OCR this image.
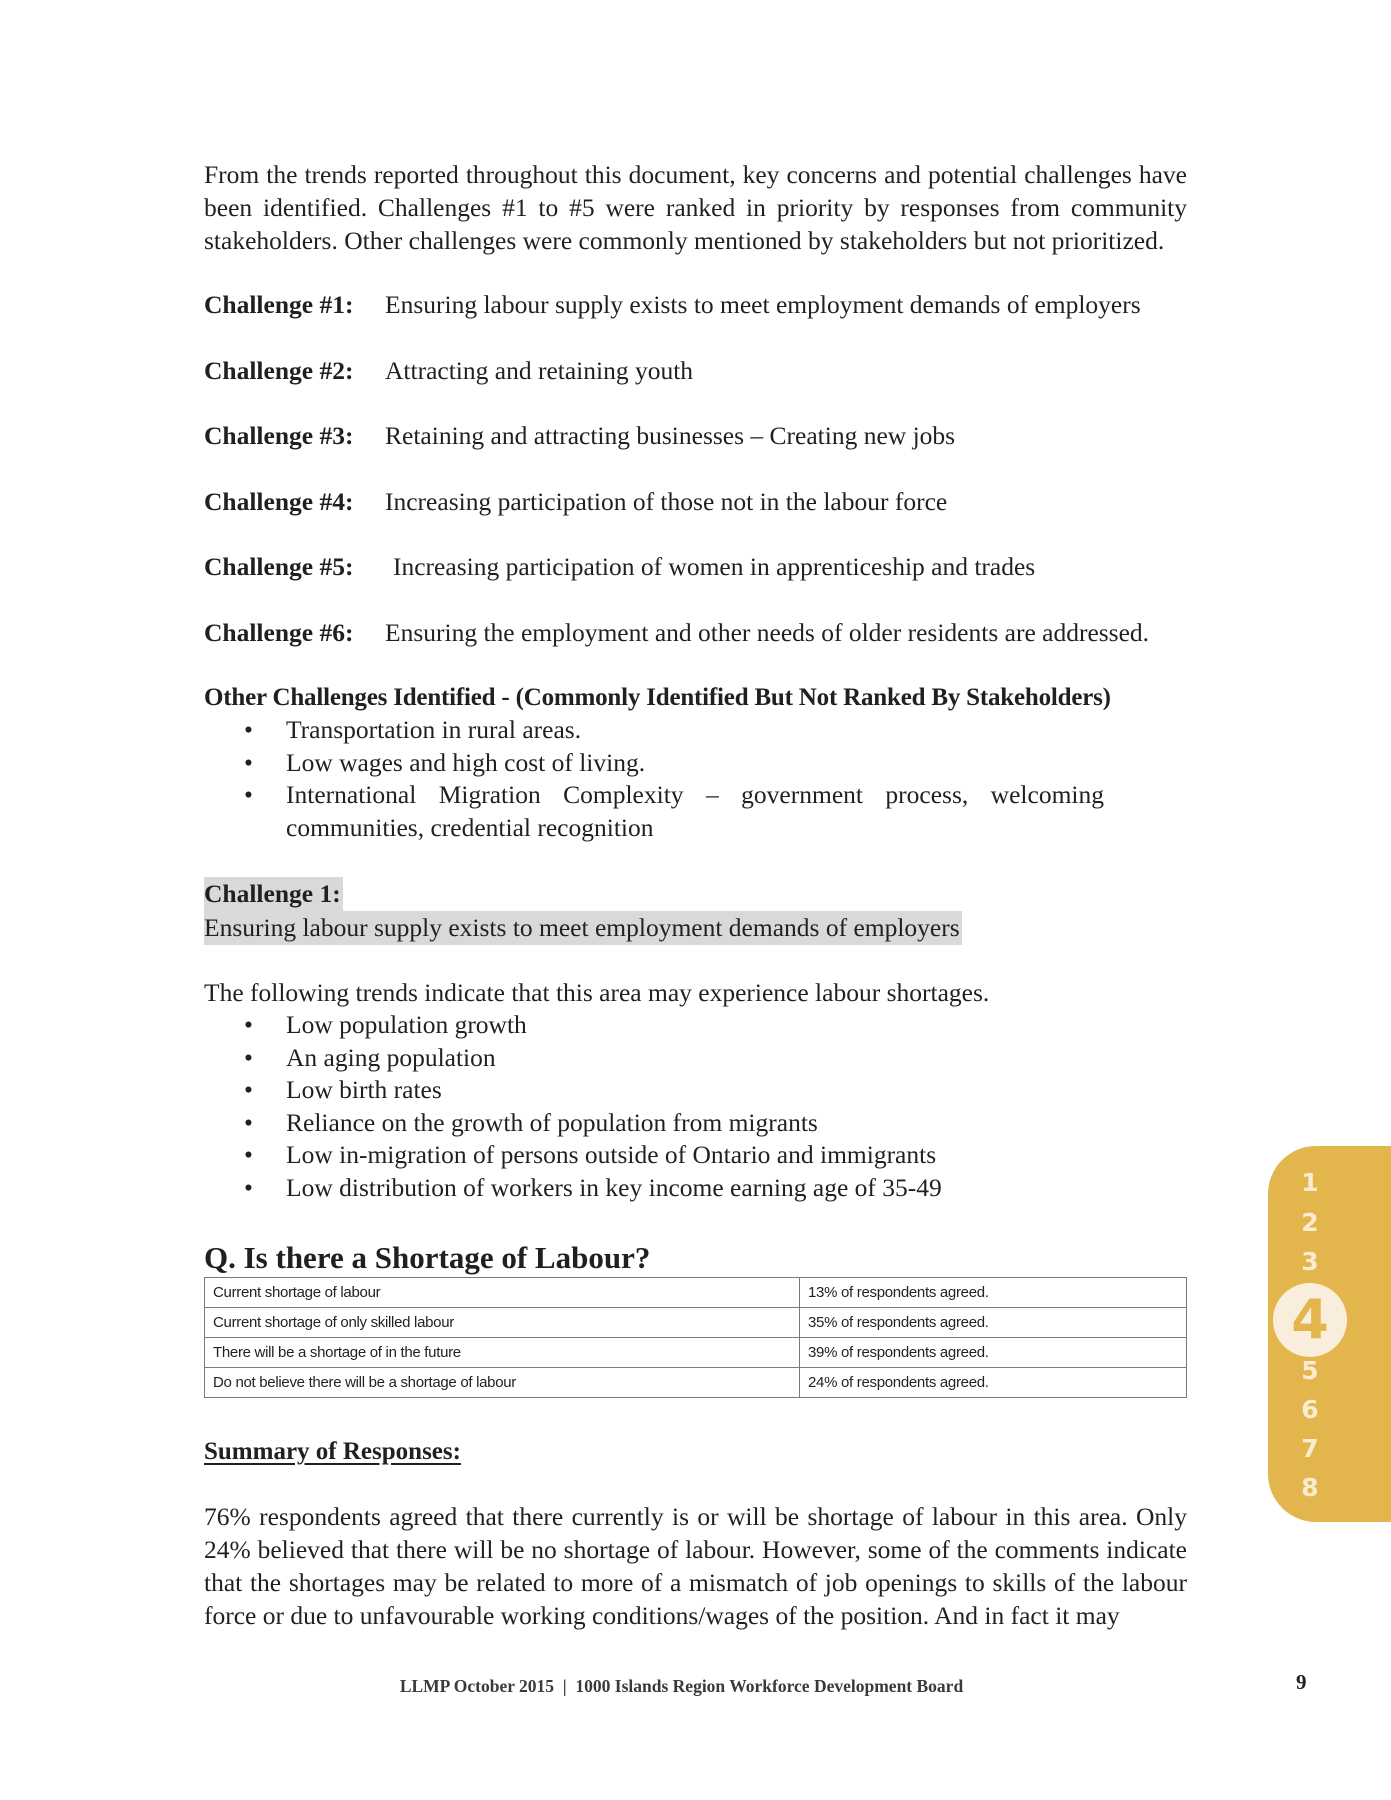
From the trends reported throughout this document, key concerns and potential challenges have been identified. Challenges #1 to #5 were ranked in priority by responses from community stakeholders. Other challenges were commonly mentioned by stakeholders but not prioritized.
Challenge #1:	Ensuring labour supply exists to meet employment demands of employers
Challenge #2:	Attracting and retaining youth
Challenge #3:	Retaining and attracting businesses – Creating new jobs
Challenge #4:	Increasing participation of those not in the labour force
Challenge #5:	Increasing participation of women in apprenticeship and trades
Challenge #6:	Ensuring the employment and other needs of older residents are addressed.
Other Challenges Identified - (Commonly Identified But Not Ranked By Stakeholders)
• Transportation in rural areas.
• Low wages and high cost of living.
• International Migration Complexity – government process, welcoming communities, credential recognition
Challenge 1:
Ensuring labour supply exists to meet employment demands of employers
The following trends indicate that this area may experience labour shortages.
• Low population growth
• An aging population
• Low birth rates
• Reliance on the growth of population from migrants
• Low in-migration of persons outside of Ontario and immigrants
• Low distribution of workers in key income earning age of 35-49
Q. Is there a Shortage of Labour?
Current shortage of labour	13% of respondents agreed.
Current shortage of only skilled labour	35% of respondents agreed.
There will be a shortage of in the future	39% of respondents agreed.
Do not believe there will be a shortage of labour	24% of respondents agreed.
Summary of Responses:
76% respondents agreed that there currently is or will be shortage of labour in this area. Only 24% believed that there will be no shortage of labour. However, some of the comments indicate that the shortages may be related to more of a mismatch of job openings to skills of the labour force or due to unfavourable working conditions/wages of the position. And in fact it may
LLMP October 2015  |  1000 Islands Region Workforce Development Board	9
1
2
3
4
5
6
7
8
